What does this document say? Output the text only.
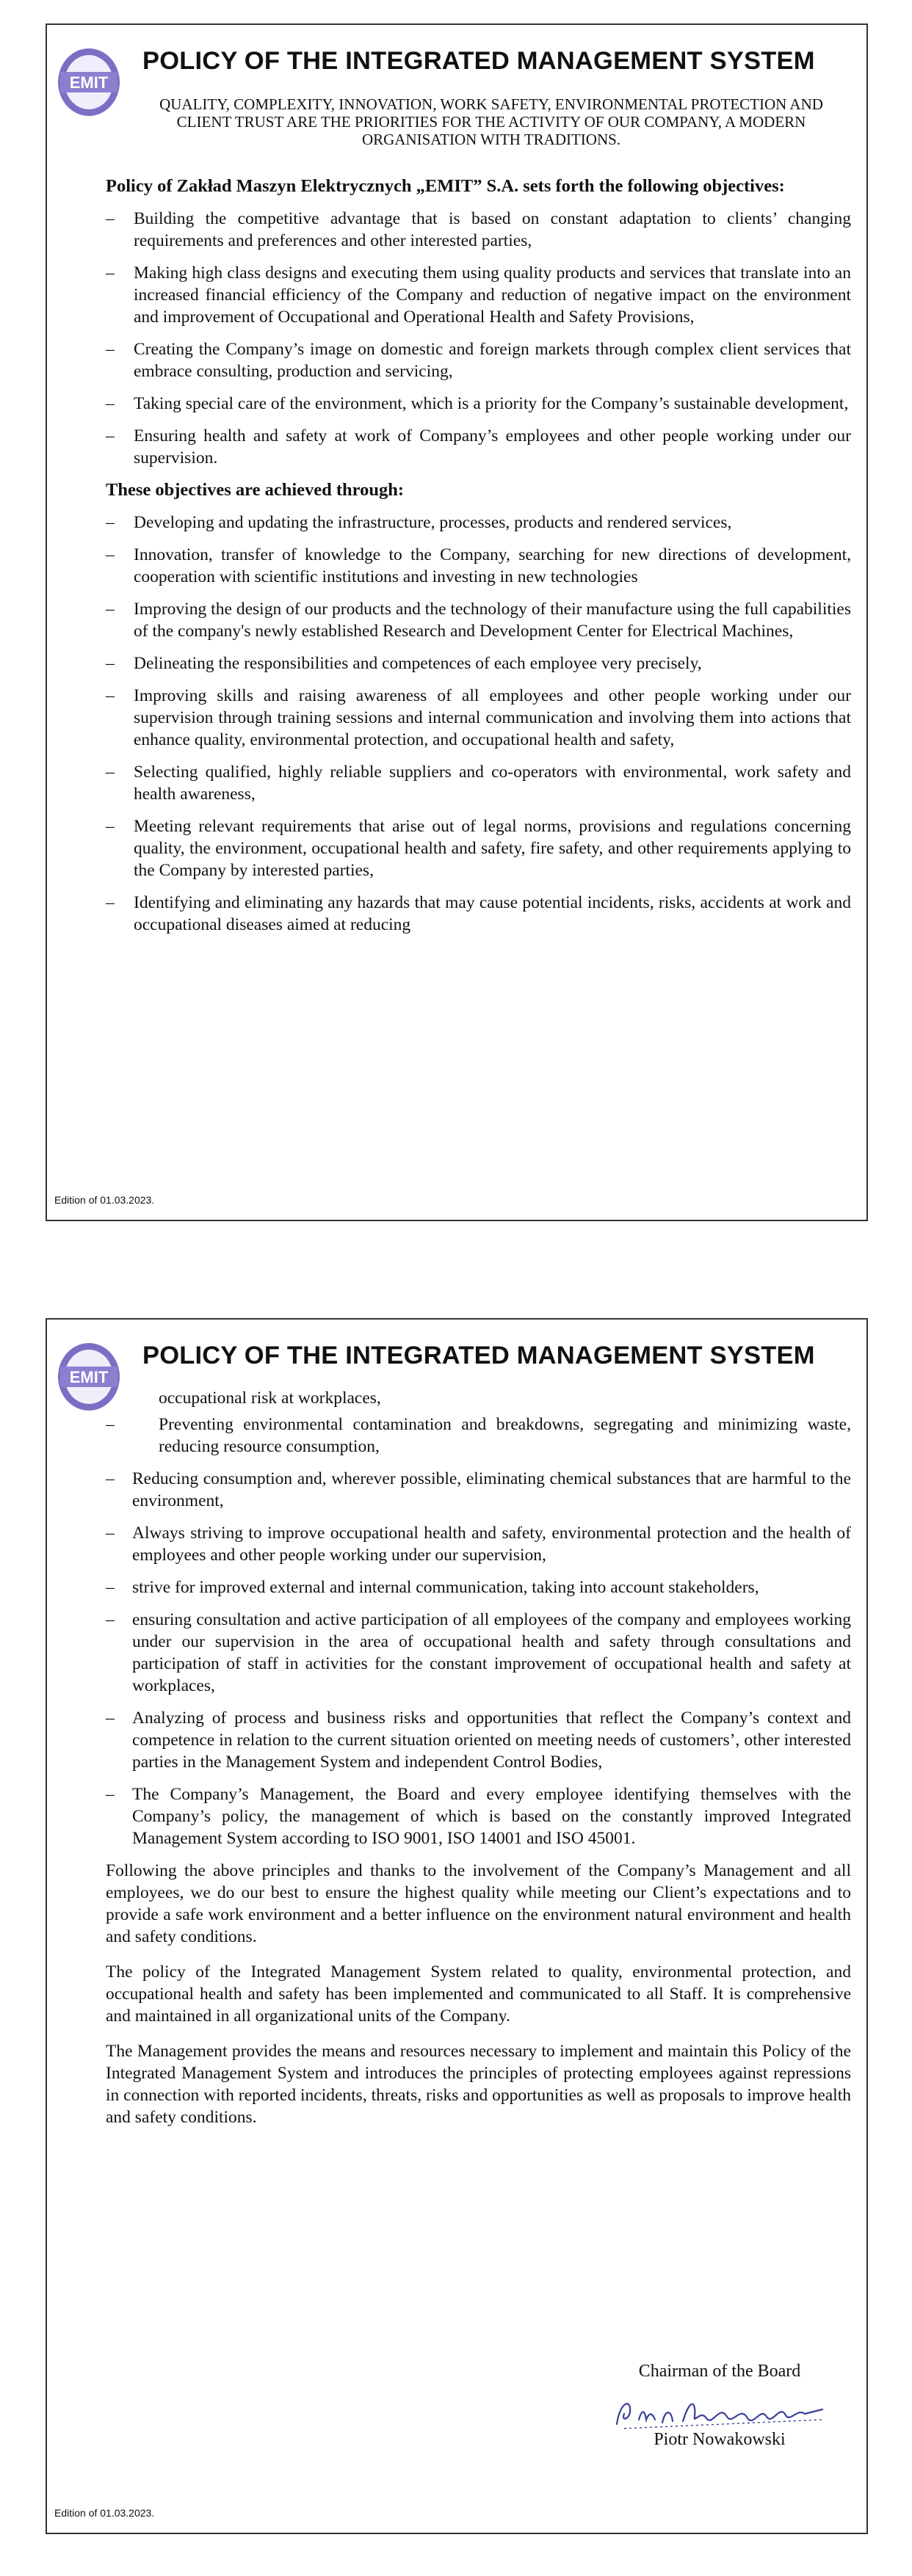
EMIT
POLICY OF THE INTEGRATED MANAGEMENT SYSTEM
QUALITY, COMPLEXITY, INNOVATION, WORK SAFETY, ENVIRONMENTAL PROTECTION AND CLIENT TRUST ARE THE PRIORITIES FOR THE ACTIVITY OF OUR COMPANY, A MODERN ORGANISATION WITH TRADITIONS.
Policy of Zakład Maszyn Elektrycznych „EMIT” S.A. sets forth the following objectives:
– Building the competitive advantage that is based on constant adaptation to clients’ changing requirements and preferences and other interested parties,
– Making high class designs and executing them using quality products and services that translate into an increased financial efficiency of the Company and reduction of negative impact on the environment and improvement of Occupational and Operational Health and Safety Provisions,
– Creating the Company’s image on domestic and foreign markets through complex client services that embrace consulting, production and servicing,
– Taking special care of the environment, which is a priority for the Company’s sustainable development,
– Ensuring health and safety at work of Company’s employees and other people working under our supervision.
These objectives are achieved through:
– Developing and updating the infrastructure, processes, products and rendered services,
– Innovation, transfer of knowledge to the Company, searching for new directions of development, cooperation with scientific institutions and investing in new technologies
– Improving the design of our products and the technology of their manufacture using the full capabilities of the company's newly established Research and Development Center for Electrical Machines,
– Delineating the responsibilities and competences of each employee very precisely,
– Improving skills and raising awareness of all employees and other people working under our supervision through training sessions and internal communication and involving them into actions that enhance quality, environmental protection, and occupational health and safety,
– Selecting qualified, highly reliable suppliers and co-operators with environmental, work safety and health awareness,
– Meeting relevant requirements that arise out of legal norms, provisions and regulations concerning quality, the environment, occupational health and safety, fire safety, and other requirements applying to the Company by interested parties,
– Identifying and eliminating any hazards that may cause potential incidents, risks, accidents at work and occupational diseases aimed at reducing
Edition of 01.03.2023.
EMIT
POLICY OF THE INTEGRATED MANAGEMENT SYSTEM
occupational risk at workplaces,
–	Preventing environmental contamination and breakdowns, segregating and minimizing waste, reducing resource consumption,
– Reducing consumption and, wherever possible, eliminating chemical substances that are harmful to the environment,
– Always striving to improve occupational health and safety, environmental protection and the health of employees and other people working under our supervision,
– strive for improved external and internal communication, taking into account stakeholders,
– ensuring consultation and active participation of all employees of the company and employees working under our supervision in the area of occupational health and safety through consultations and participation of staff in activities for the constant improvement of occupational health and safety at workplaces,
– Analyzing of process and business risks and opportunities that reflect the Company’s context and competence in relation to the current situation oriented on meeting needs of customers’, other interested parties in the Management System and independent Control Bodies,
– The Company’s Management, the Board and every employee identifying themselves with the Company’s policy, the management of which is based on the constantly improved Integrated Management System according to ISO 9001, ISO 14001 and ISO 45001.

Following the above principles and thanks to the involvement of the Company’s Management and all employees, we do our best to ensure the highest quality while meeting our Client’s expectations and to provide a safe work environment and a better influence on the environment natural environment and health and safety conditions.

The policy of the Integrated Management System related to quality, environmental protection, and occupational health and safety has been implemented and communicated to all Staff. It is comprehensive and maintained in all organizational units of the Company.

The Management provides the means and resources necessary to implement and maintain this Policy of the Integrated Management System and introduces the principles of protecting employees against repressions in connection with reported incidents, threats, risks and opportunities as well as proposals to improve health and safety conditions.

Chairman of the Board
Piotr Nowakowski
Edition of 01.03.2023.
